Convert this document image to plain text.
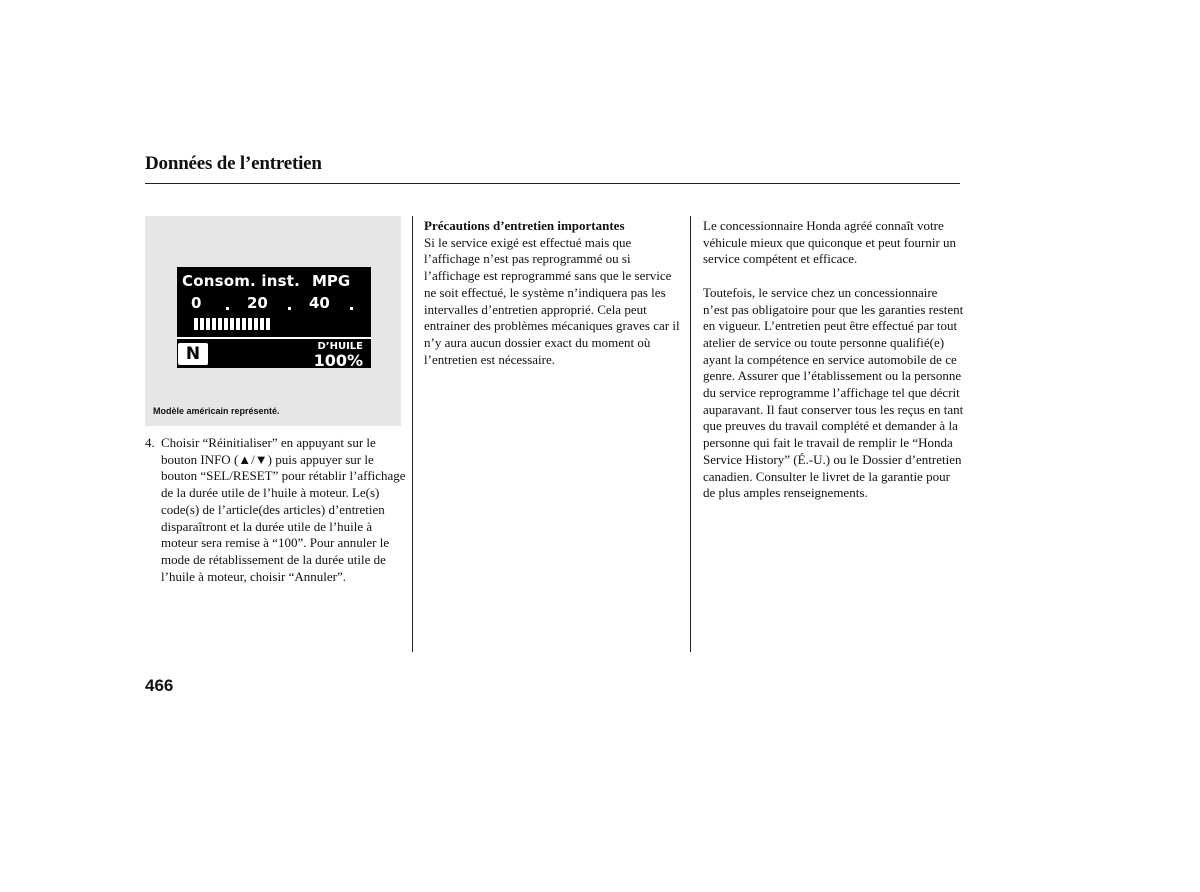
Données de l’entretien
Consom. inst. MPG
0	20	40
N	D’HUILE
100%
Modèle américain représenté.
4. Choisir “Réinitialiser” en appuyant sur le bouton INFO (▲/▼) puis appuyer sur le bouton “SEL/RESET” pour rétablir l’affichage de la durée utile de l’huile à moteur. Le(s) code(s) de l’article(des articles) d’entretien disparaîtront et la durée utile de l’huile à moteur sera remise à “100”. Pour annuler le mode de rétablissement de la durée utile de l’huile à moteur, choisir “Annuler”.

Précautions d’entretien importantes

Si le service exigé est effectué mais que l’affichage n’est pas reprogrammé ou si l’affichage est reprogrammé sans que le service ne soit effectué, le système n’indiquera pas les intervalles d’entretien approprié. Cela peut entrainer des problèmes mécaniques graves car il n’y aura aucun dossier exact du moment où l’entretien est nécessaire.

Le concessionnaire Honda agréé connaît votre véhicule mieux que quiconque et peut fournir un service compétent et efficace.

Toutefois, le service chez un concessionnaire n’est pas obligatoire pour que les garanties restent en vigueur. L’entretien peut être effectué par tout atelier de service ou toute personne qualifié(e) ayant la compétence en service automobile de ce genre. Assurer que l’établissement ou la personne du service reprogramme l’affichage tel que décrit auparavant. Il faut conserver tous les reçus en tant que preuves du travail complété et demander à la personne qui fait le travail de remplir le “Honda Service History” (É.-U.) ou le Dossier d’entretien canadien. Consulter le livret de la garantie pour de plus amples renseignements.

466
